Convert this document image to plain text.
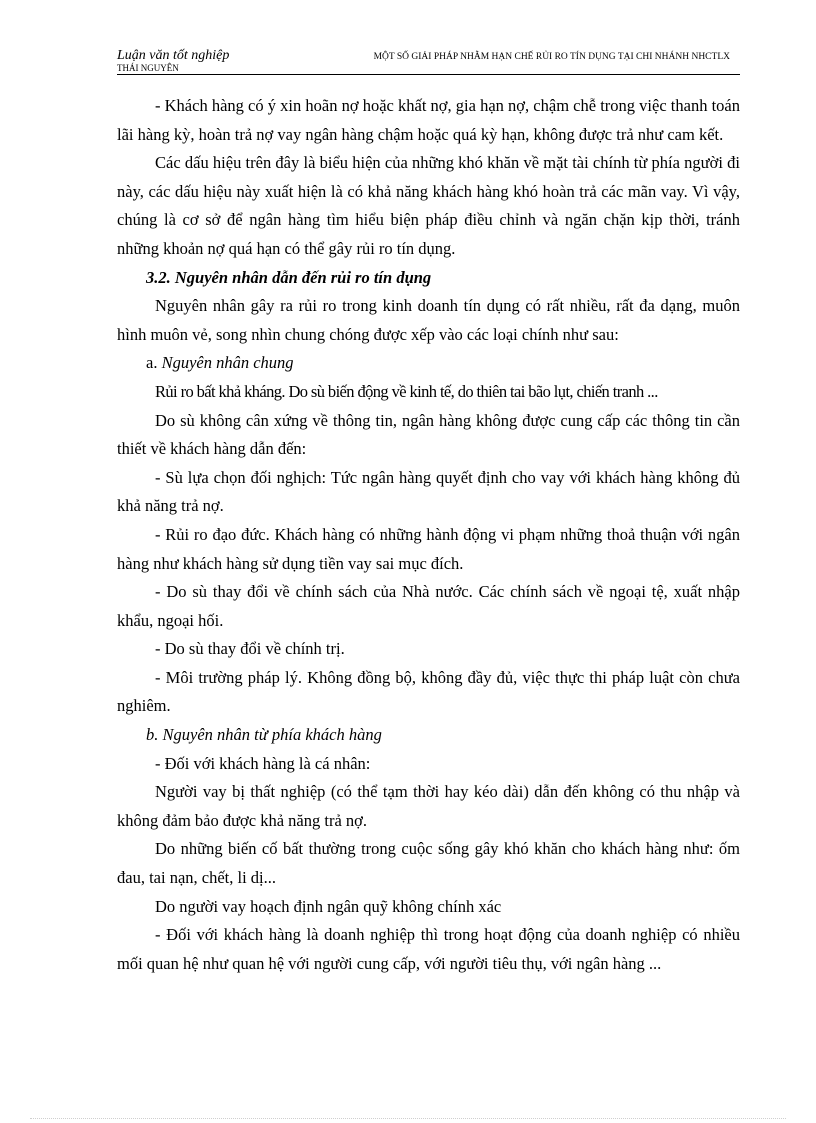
Luận văn tốt nghiệp
THÁI NGUYÊN
MỘT SỐ GIẢI PHÁP NHẰM HẠN CHẾ RỦI RO TÍN DỤNG TẠI CHI NHÁNH NHCTLX

- Khách hàng có ý xin hoãn nợ hoặc khất nợ, gia hạn nợ, chậm chễ trong việc thanh toán lãi hàng kỳ, hoàn trả nợ vay ngân hàng chậm hoặc quá kỳ hạn, không được trả như cam kết.

Các dấu hiệu trên đây là biểu hiện của những khó khăn về mặt tài chính từ phía người đi này, các dấu hiệu này xuất hiện là có khả năng khách hàng khó hoàn trả các mãn vay. Vì vậy, chúng là cơ sở để ngân hàng tìm hiểu biện pháp điều chỉnh và ngăn chặn kịp thời, tránh những khoản nợ quá hạn có thể gây rủi ro tín dụng.

3.2. Nguyên nhân dẫn đến rủi ro tín dụng

Nguyên nhân gây ra rủi ro trong kinh doanh tín dụng có rất nhiều, rất đa dạng, muôn hình muôn vẻ, song nhìn chung chóng được xếp vào các loại chính như sau:

a. Nguyên nhân chung

Rủi ro bất khả kháng. Do sù biến động về kinh tế, do thiên tai bão lụt, chiến tranh ...

Do sù không cân xứng về thông tin, ngân hàng không được cung cấp các thông tin cần thiết về khách hàng dẫn đến:

- Sù lựa chọn đối nghịch: Tức ngân hàng quyết định cho vay với khách hàng không đủ khả năng trả nợ.

- Rủi ro đạo đức. Khách hàng có những hành động vi phạm những thoả thuận với ngân hàng như khách hàng sử dụng tiền vay sai mục đích.

- Do sù thay đổi về chính sách của Nhà nước. Các chính sách về ngoại tệ, xuất nhập khẩu, ngoại hối.

- Do sù thay đổi về chính trị.

- Môi trường pháp lý. Không đồng bộ, không đầy đủ, việc thực thi pháp luật còn chưa nghiêm.

b. Nguyên nhân từ phía khách hàng

- Đối với khách hàng là cá nhân:

Người vay bị thất nghiệp (có thể tạm thời hay kéo dài) dẫn đến không có thu nhập và không đảm bảo được khả năng trả nợ.

Do những biến cố bất thường trong cuộc sống gây khó khăn cho khách hàng như: ốm đau, tai nạn, chết, li dị...

Do người vay hoạch định ngân quỹ không chính xác

- Đối với khách hàng là doanh nghiệp thì trong hoạt động của doanh nghiệp có nhiều mối quan hệ như quan hệ với người cung cấp, với người tiêu thụ, với ngân hàng ...
